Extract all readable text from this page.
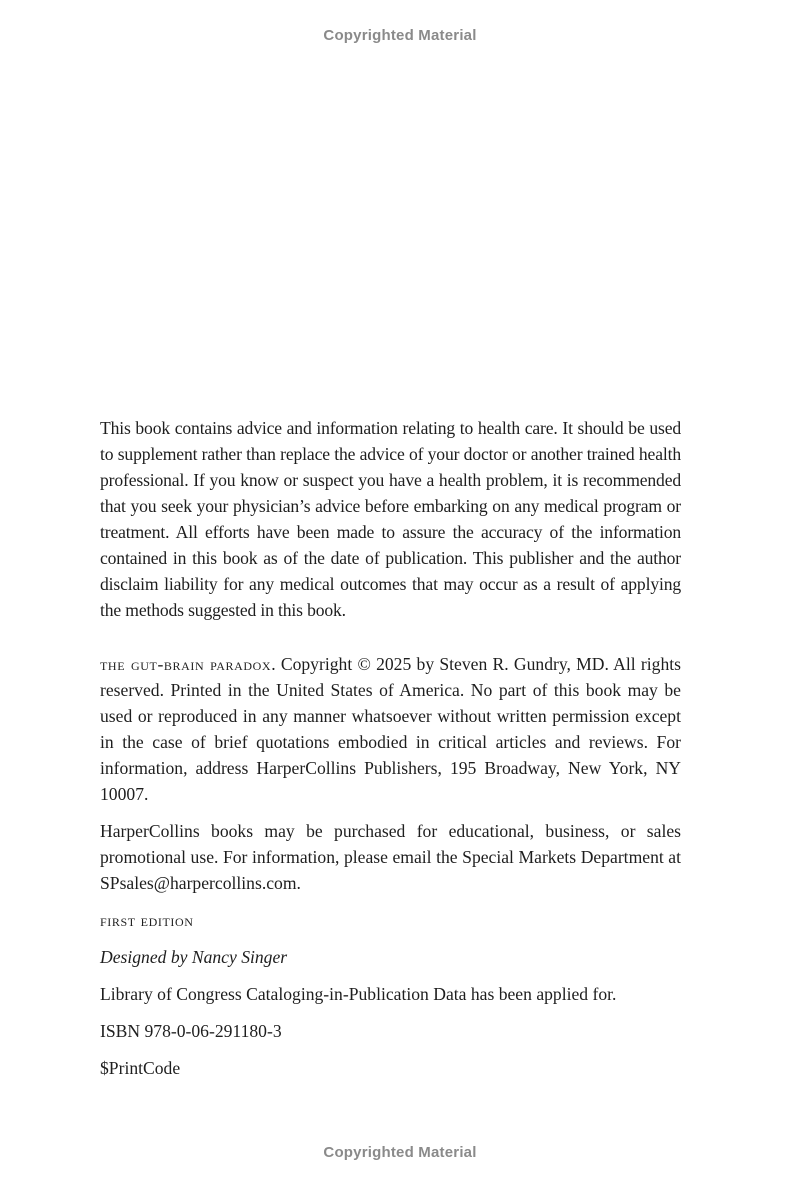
Copyrighted Material

This book contains advice and information relating to health care. It should be used to supplement rather than replace the advice of your doctor or another trained health professional. If you know or suspect you have a health problem, it is recommended that you seek your physician’s advice before embarking on any medical program or treatment. All efforts have been made to assure the accuracy of the information contained in this book as of the date of publication. This publisher and the author disclaim liability for any medical outcomes that may occur as a result of applying the methods suggested in this book.

the gut-brain paradox. Copyright © 2025 by Steven R. Gundry, MD. All rights reserved. Printed in the United States of America. No part of this book may be used or reproduced in any manner whatsoever without written permission except in the case of brief quotations embodied in critical articles and reviews. For information, address HarperCollins Publishers, 195 Broadway, New York, NY 10007.

HarperCollins books may be purchased for educational, business, or sales promotional use. For information, please email the Special Markets Department at SPsales@harpercollins.com.

first edition

Designed by Nancy Singer

Library of Congress Cataloging-in-Publication Data has been applied for.

ISBN 978-0-06-291180-3

$PrintCode

Copyrighted Material
